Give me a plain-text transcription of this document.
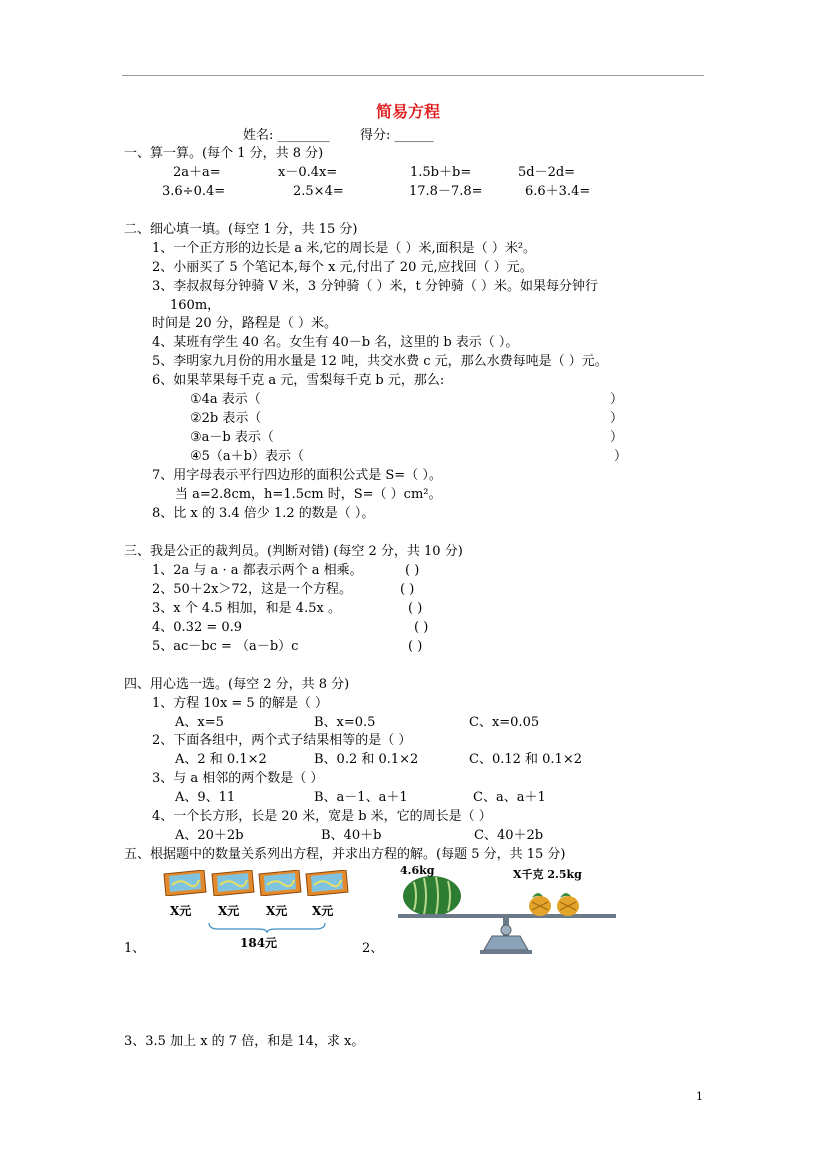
简易方程
姓名: ________ 得分: ______
一、算一算。(每个 1 分，共 8 分)
2a＋a=	x－0.4x=	1.5b＋b=	5d－2d=
3.6÷0.4=	2.5×4=	17.8－7.8=	6.6＋3.4=
二、细心填一填。(每空 1 分，共 15 分)
1、一个正方形的边长是 a 米,它的周长是（ ）米,面积是（ ）米²。
2、小丽买了 5 个笔记本,每个 x 元,付出了 20 元,应找回（ ）元。
3、李叔叔每分钟骑 V 米，3 分钟骑（ ）米，t 分钟骑（ ）米。如果每分钟行
160m，
时间是 20 分，路程是（ ）米。
4、某班有学生 40 名。女生有 40－b 名，这里的 b 表示（ ）。
5、李明家九月份的用水量是 12 吨，共交水费 c 元，那么水费每吨是（ ）元。
6、如果苹果每千克 a 元，雪梨每千克 b 元，那么:
①4a 表示（	）
②2b 表示（	）
③a－b 表示（	）
④5（a＋b）表示（	）
7、用字母表示平行四边形的面积公式是 S=（ ）。
当 a=2.8cm，h=1.5cm 时，S=（ ）cm²。
8、比 x 的 3.4 倍少 1.2 的数是（ ）。
三、我是公正的裁判员。(判断对错) (每空 2 分，共 10 分)
1、2a 与 a · a 都表示两个 a 相乘。	( )
2、50＋2x＞72，这是一个方程。	( )
3、x 个 4.5 相加，和是 4.5x 。	( )
4、0.32 = 0.9	( )
5、ac－bc = （a－b）c	( )
四、用心选一选。(每空 2 分，共 8 分)
1、方程 10x = 5 的解是（ ）
A、x=5	B、x=0.5	C、x=0.05
2、下面各组中，两个式子结果相等的是（ ）
A、2 和 0.1×2	B、0.2 和 0.1×2	C、0.12 和 0.1×2
3、与 a 相邻的两个数是（ ）
A、9、11	B、a－1、a＋1	C、a、a＋1
4、一个长方形，长是 20 米，宽是 b 米，它的周长是（ ）
A、20＋2b	B、40＋b	C、40＋2b
五、根据题中的数量关系列出方程，并求出方程的解。(每题 5 分，共 15 分)
X元 X元 X元 X元
184元
1、	2、
4.6kg	X千克 2.5kg
3、3.5 加上 x 的 7 倍，和是 14，求 x。
1
